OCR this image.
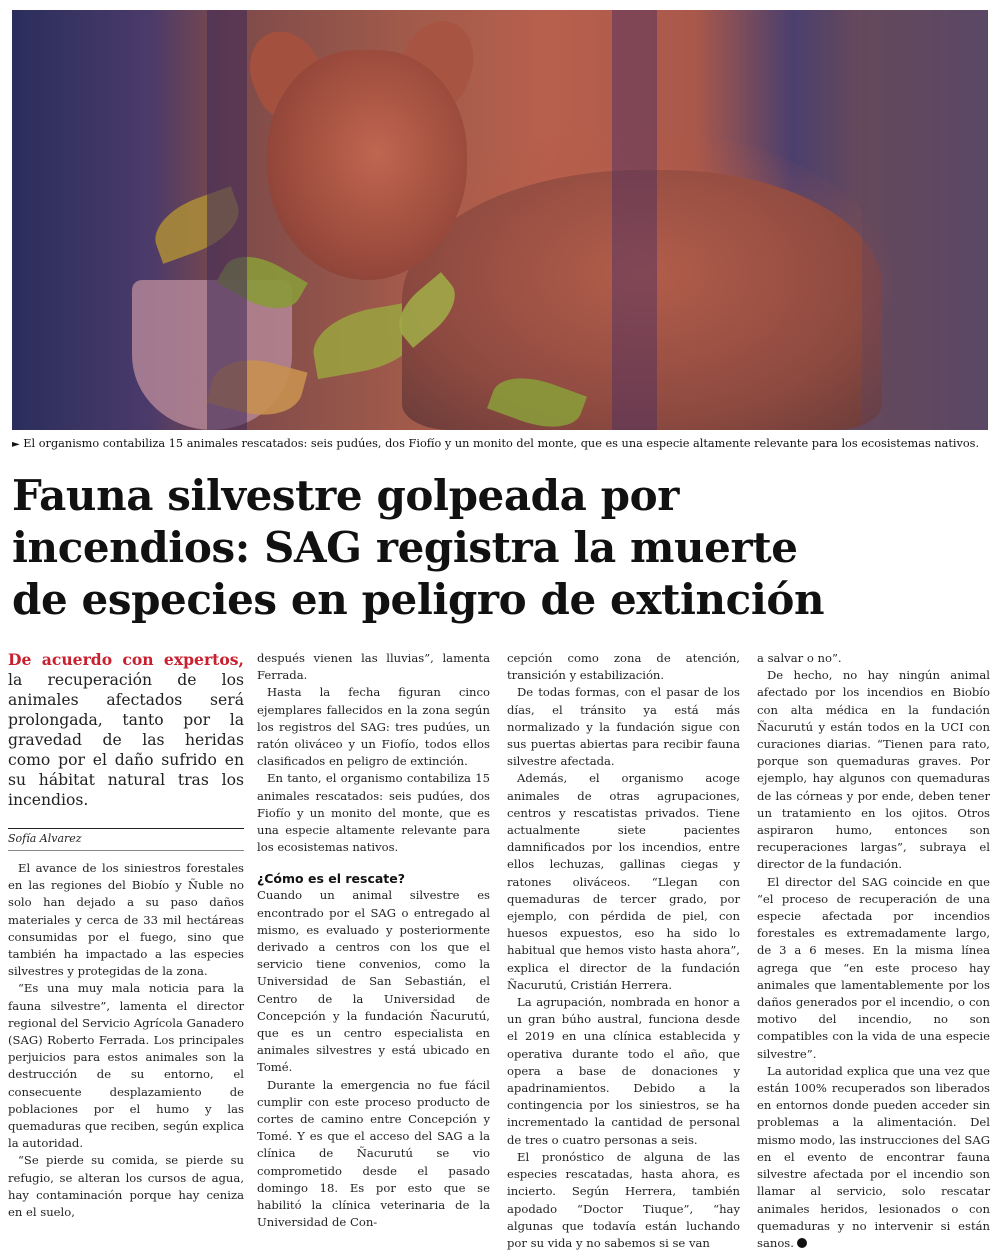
► El organismo contabiliza 15 animales rescatados: seis pudúes, dos Fiofío y un monito del monte, que es una especie altamente relevante para los ecosistemas nativos.
Fauna silvestre golpeada por
incendios: SAG registra la muerte
de especies en peligro de extinción

De acuerdo con expertos, la recuperación de los animales afectados será prolongada, tanto por la gravedad de las heridas como por el daño sufrido en su hábitat natural tras los incendios.

Sofía Alvarez

El avance de los siniestros forestales en las regiones del Biobío y Ñuble no solo han dejado a su paso daños materiales y cerca de 33 mil hectáreas consumidas por el fuego, sino que también ha impactado a las especies silvestres y protegidas de la zona.

“Es una muy mala noticia para la fauna silvestre”, lamenta el director regional del Servicio Agrícola Ganadero (SAG) Roberto Ferrada. Los principales perjuicios para estos animales son la destrucción de su entorno, el consecuente desplazamiento de poblaciones por el humo y las quemaduras que reciben, según explica la autoridad.

“Se pierde su comida, se pierde su refugio, se alteran los cursos de agua, hay contaminación porque hay ceniza en el suelo,

después vienen las lluvias”, lamenta Ferrada.

Hasta la fecha figuran cinco ejemplares fallecidos en la zona según los registros del SAG: tres pudúes, un ratón oliváceo y un Fiofío, todos ellos clasificados en peligro de extinción.

En tanto, el organismo contabiliza 15 animales rescatados: seis pudúes, dos Fiofío y un monito del monte, que es una especie altamente relevante para los ecosistemas nativos.

¿Cómo es el rescate?

Cuando un animal silvestre es encontrado por el SAG o entregado al mismo, es evaluado y posteriormente derivado a centros con los que el servicio tiene convenios, como la Universidad de San Sebastián, el Centro de la Universidad de Concepción y la fundación Ñacurutú, que es un centro especialista en animales silvestres y está ubicado en Tomé.

Durante la emergencia no fue fácil cumplir con este proceso producto de cortes de camino entre Concepción y Tomé. Y es que el acceso del SAG a la clínica de Ñacurutú se vio comprometido desde el pasado domingo 18. Es por esto que se habilitó la clínica veterinaria de la Universidad de Con-

cepción como zona de atención, transición y estabilización.

De todas formas, con el pasar de los días, el tránsito ya está más normalizado y la fundación sigue con sus puertas abiertas para recibir fauna silvestre afectada.

Además, el organismo acoge animales de otras agrupaciones, centros y rescatistas privados. Tiene actualmente siete pacientes damnificados por los incendios, entre ellos lechuzas, gallinas ciegas y ratones oliváceos. “Llegan con quemaduras de tercer grado, por ejemplo, con pérdida de piel, con huesos expuestos, eso ha sido lo habitual que hemos visto hasta ahora”, explica el director de la fundación Ñacurutú, Cristián Herrera.

La agrupación, nombrada en honor a un gran búho austral, funciona desde el 2019 en una clínica establecida y operativa durante todo el año, que opera a base de donaciones y apadrinamientos. Debido a la contingencia por los siniestros, se ha incrementado la cantidad de personal de tres o cuatro personas a seis.

El pronóstico de alguna de las especies rescatadas, hasta ahora, es incierto. Según Herrera, también apodado “Doctor Tiuque”, “hay algunas que todavía están luchando por su vida y no sabemos si se van

a salvar o no”.

De hecho, no hay ningún animal afectado por los incendios en Biobío con alta médica en la fundación Ñacurutú y están todos en la UCI con curaciones diarias. “Tienen para rato, porque son quemaduras graves. Por ejemplo, hay algunos con quemaduras de las córneas y por ende, deben tener un tratamiento en los ojitos. Otros aspiraron humo, entonces son recuperaciones largas”, subraya el director de la fundación.

El director del SAG coincide en que “el proceso de recuperación de una especie afectada por incendios forestales es extremadamente largo, de 3 a 6 meses. En la misma línea agrega que “en este proceso hay animales que lamentablemente por los daños generados por el incendio, o con motivo del incendio, no son compatibles con la vida de una especie silvestre”.

La autoridad explica que una vez que están 100% recuperados son liberados en entornos donde pueden acceder sin problemas a la alimentación. Del mismo modo, las instrucciones del SAG en el evento de encontrar fauna silvestre afectada por el incendio son llamar al servicio, solo rescatar animales heridos, lesionados o con quemaduras y no intervenir si están sanos.
